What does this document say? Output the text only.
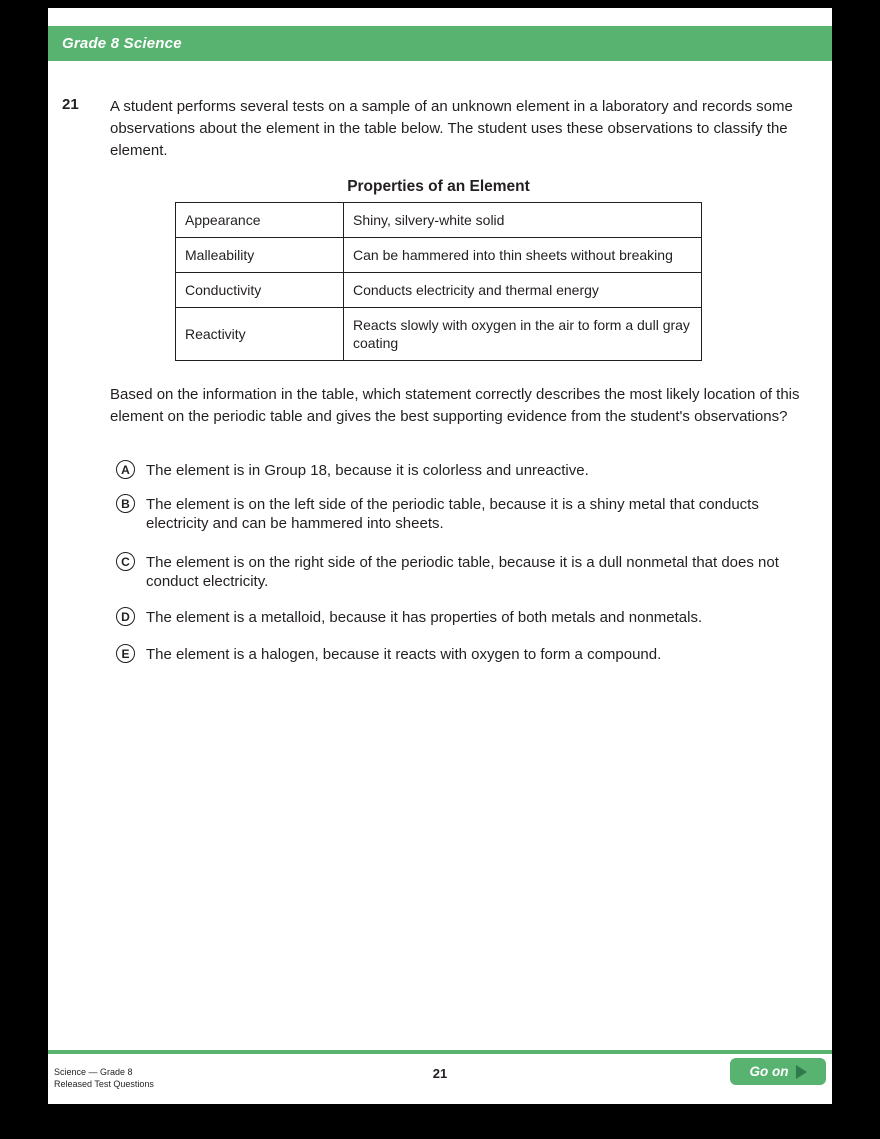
Grade 8 Science
21 A student performs several tests on a sample of an unknown element in a laboratory and records some observations about the element in the table below. The student uses these observations to classify the element.
Properties of an Element
Appearance	Shiny, silvery-white solid
Malleability	Can be hammered into thin sheets without breaking
Conductivity	Conducts electricity and thermal energy
Reactivity	Reacts slowly with oxygen in the air to form a dull gray coating
Based on the information in the table, which statement correctly describes the most likely location of this element on the periodic table and gives the best supporting evidence from the student's observations?
A	The element is in Group 18, because it is colorless and unreactive.
B	The element is on the left side of the periodic table, because it is a shiny metal that conducts electricity and can be hammered into sheets.
C	The element is on the right side of the periodic table, because it is a dull nonmetal that does not conduct electricity.
D	The element is a metalloid, because it has properties of both metals and nonmetals.
E	The element is a halogen, because it reacts with oxygen to form a compound.
Science — Grade 8
Released Test Questions
21	Go on
